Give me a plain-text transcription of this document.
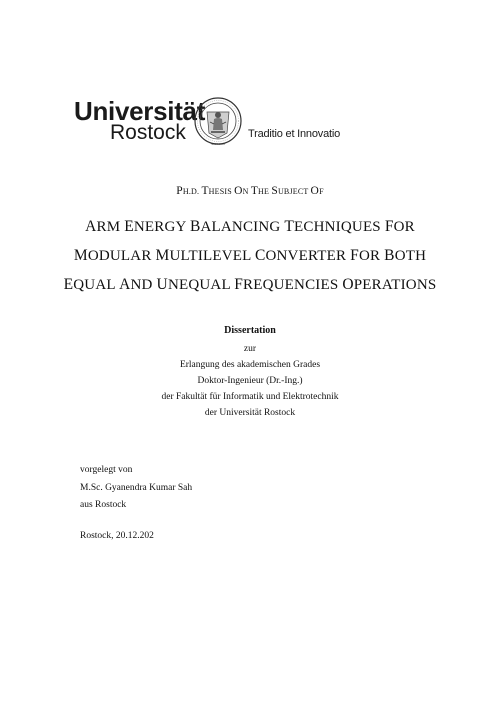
Universität
Rostock	SIGILLVM
Traditio et Innovatio
PH.D. THESIS ON THE SUBJECT OF
ARM ENERGY BALANCING TECHNIQUES FOR
MODULAR MULTILEVEL CONVERTER FOR BOTH
EQUAL AND UNEQUAL FREQUENCIES OPERATIONS
Dissertation
zur
Erlangung des akademischen Grades
Doktor-Ingenieur (Dr.-Ing.)
der Fakultät für Informatik und Elektrotechnik
der Universität Rostock
vorgelegt von
M.Sc. Gyanendra Kumar Sah
aus Rostock
Rostock, 20.12.202
